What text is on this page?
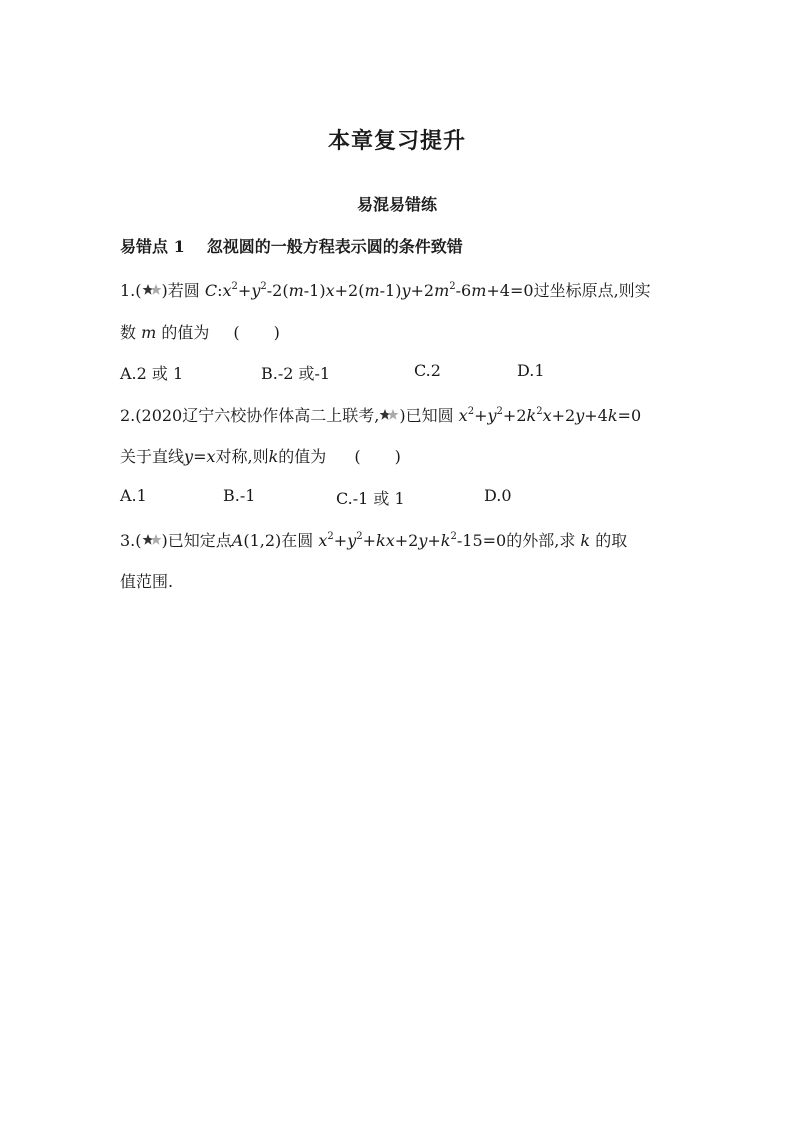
本章复习提升
易混易错练
易错点 1 忽视圆的一般方程表示圆的条件致错
1.( )若圆 $C:x^2+y^2-2(m-1)x+2(m-1)y+2m^2-6m+4=0$过坐标原点,则实
数 m 的值为 ( )
A.2 或 1	B.-2 或-1	C.2	D.1
2.(2020辽宁六校协作体高二上联考, )已知圆 $x^2+y^2+2k^2x+2y+4k=0$
关于直线y=x对称,则k的值为 ( )
A.1	B.-1	C.-1 或 1	D.0
3.( )已知定点A(1,2)在圆 $x^2+y^2+kx+2y+k^2-15=0$的外部,求 k 的取
值范围.
